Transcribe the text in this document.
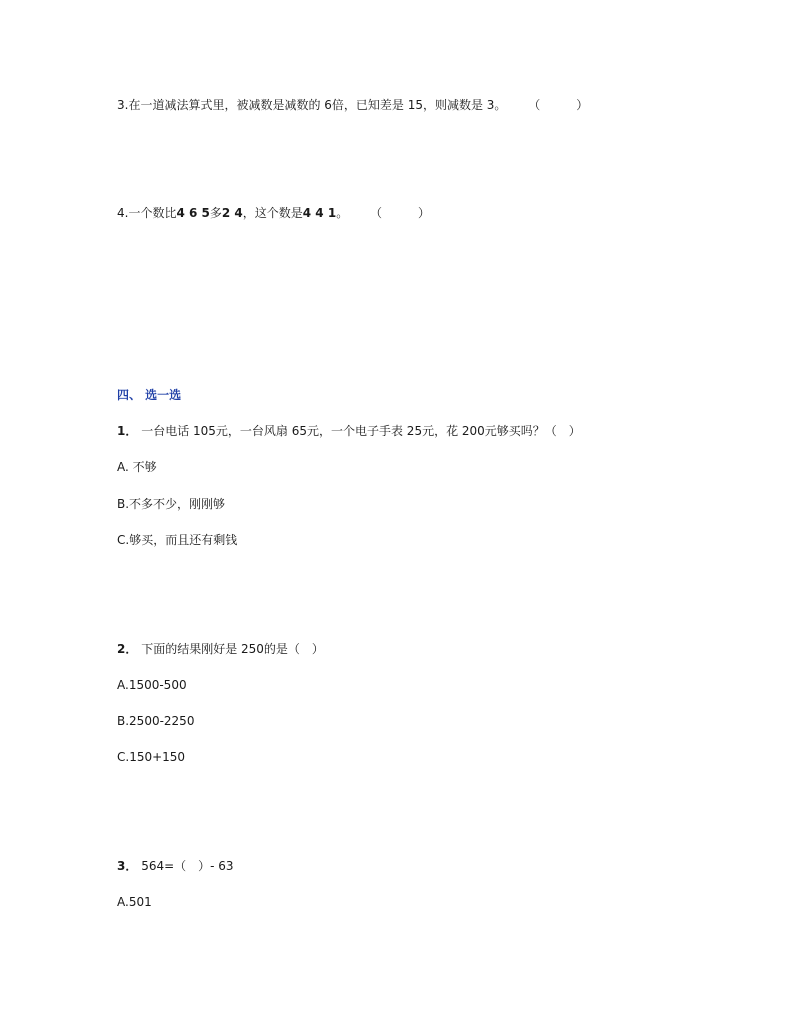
3.在一道减法算式里，被减数是减数的 6倍，已知差是 15，则减数是 3。 （　　　）
4.一个数比4 6 5多2 4，这个数是4 4 1。 （　　　）
四、 选一选
1． 一台电话 105元，一台风扇 65元，一个电子手表 25元，花 200元够买吗？（　）
A. 不够
B.不多不少，刚刚够
C.够买，而且还有剩钱
2． 下面的结果刚好是 250的是（　）
A.1500-500
B.2500-2250
C.150+150
3． 564=（　）- 63
A.501
